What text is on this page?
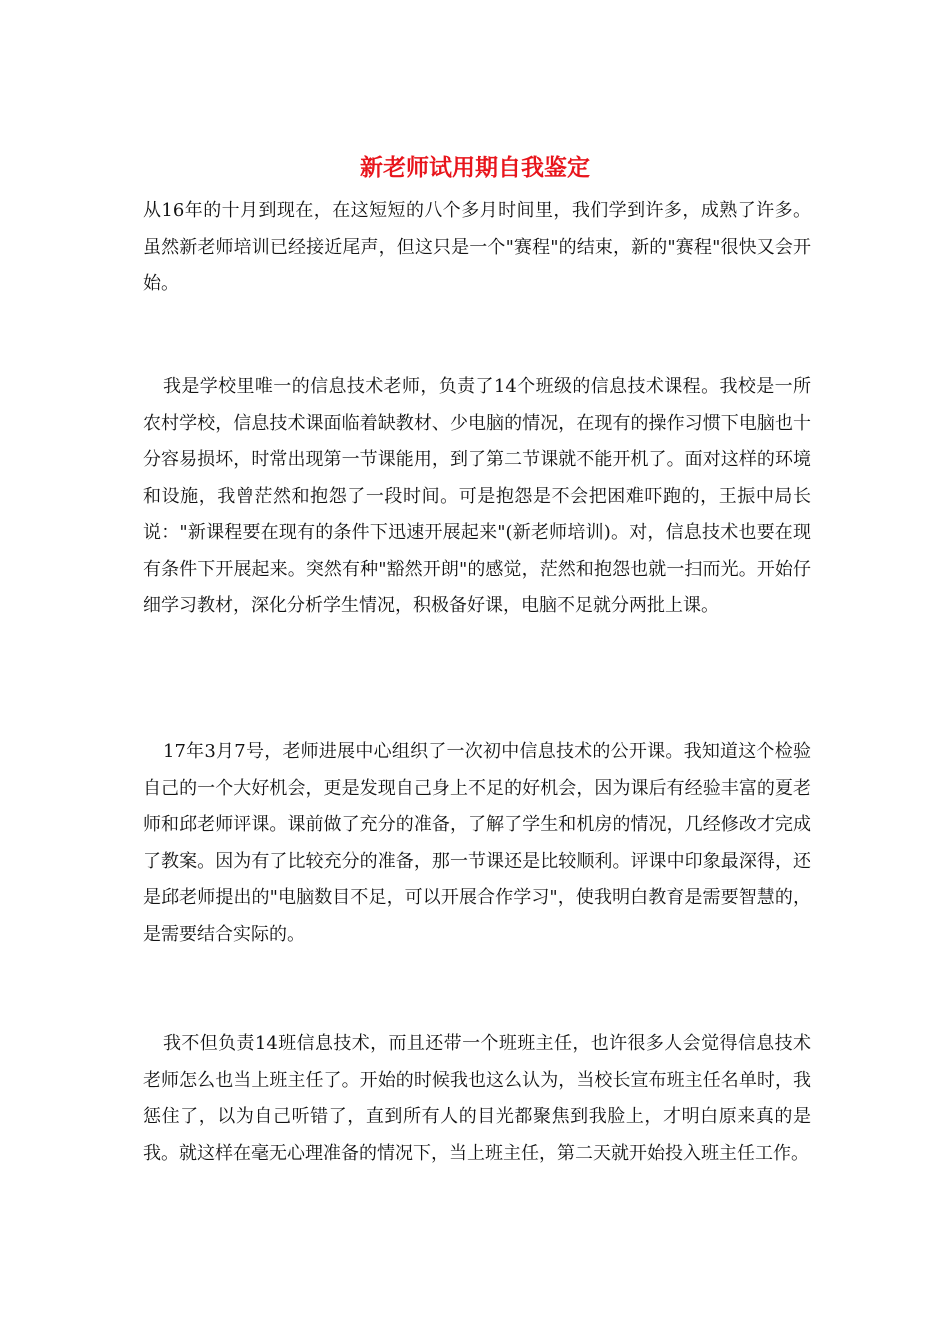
新老师试用期自我鉴定

从16年的十月到现在，在这短短的八个多月时间里，我们学到许多，成熟了许多。虽然新老师培训已经接近尾声，但这只是一个"赛程"的结束，新的"赛程"很快又会开始。

我是学校里唯一的信息技术老师，负责了14个班级的信息技术课程。我校是一所农村学校，信息技术课面临着缺教材、少电脑的情况，在现有的操作习惯下电脑也十分容易损坏，时常出现第一节课能用，到了第二节课就不能开机了。面对这样的环境和设施，我曾茫然和抱怨了一段时间。可是抱怨是不会把困难吓跑的，王振中局长说："新课程要在现有的条件下迅速开展起来"(新老师培训)。对，信息技术也要在现有条件下开展起来。突然有种"豁然开朗"的感觉，茫然和抱怨也就一扫而光。开始仔细学习教材，深化分析学生情况，积极备好课，电脑不足就分两批上课。

17年3月7号，老师进展中心组织了一次初中信息技术的公开课。我知道这个检验自己的一个大好机会，更是发现自己身上不足的好机会，因为课后有经验丰富的夏老师和邱老师评课。课前做了充分的准备，了解了学生和机房的情况，几经修改才完成了教案。因为有了比较充分的准备，那一节课还是比较顺利。评课中印象最深得，还是邱老师提出的"电脑数目不足，可以开展合作学习"，使我明白教育是需要智慧的，是需要结合实际的。

我不但负责14班信息技术，而且还带一个班班主任，也许很多人会觉得信息技术老师怎么也当上班主任了。开始的时候我也这么认为，当校长宣布班主任名单时，我惩住了，以为自己听错了，直到所有人的目光都聚焦到我脸上，才明白原来真的是我。就这样在毫无心理准备的情况下，当上班主任，第二天就开始投入班主任工作。
